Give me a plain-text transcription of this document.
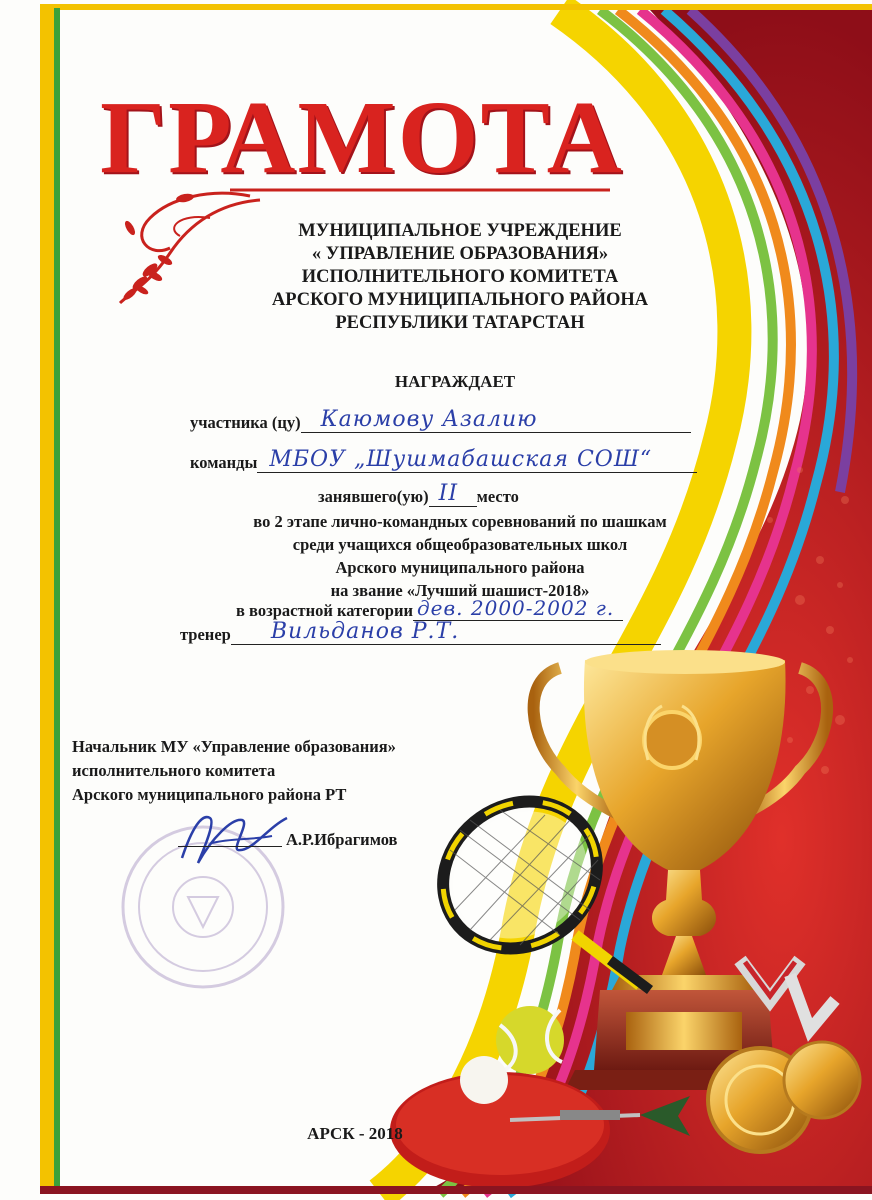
ГРАМОТА
МУНИЦИПАЛЬНОЕ УЧРЕЖДЕНИЕ
« УПРАВЛЕНИЕ ОБРАЗОВАНИЯ»
ИСПОЛНИТЕЛЬНОГО КОМИТЕТА
АРСКОГО МУНИЦИПАЛЬНОГО РАЙОНА
РЕСПУБЛИКИ ТАТАРСТАН
НАГРАЖДАЕТ
участника (цу) Каюмову Азалию
команды МБОУ „Шушмабашская СОШ“
занявшего(ую) II место
во 2 этапе лично-командных соревнований по шашкам
среди учащихся общеобразовательных школ
Арского муниципального района
на звание «Лучший шашист-2018»
в возрастной категории дев. 2000-2002 г.
тренер Вильданов Р.Т.
Начальник МУ «Управление образования»
исполнительного комитета
Арского муниципального района РТ
А.Р.Ибрагимов
АРСК - 2018
